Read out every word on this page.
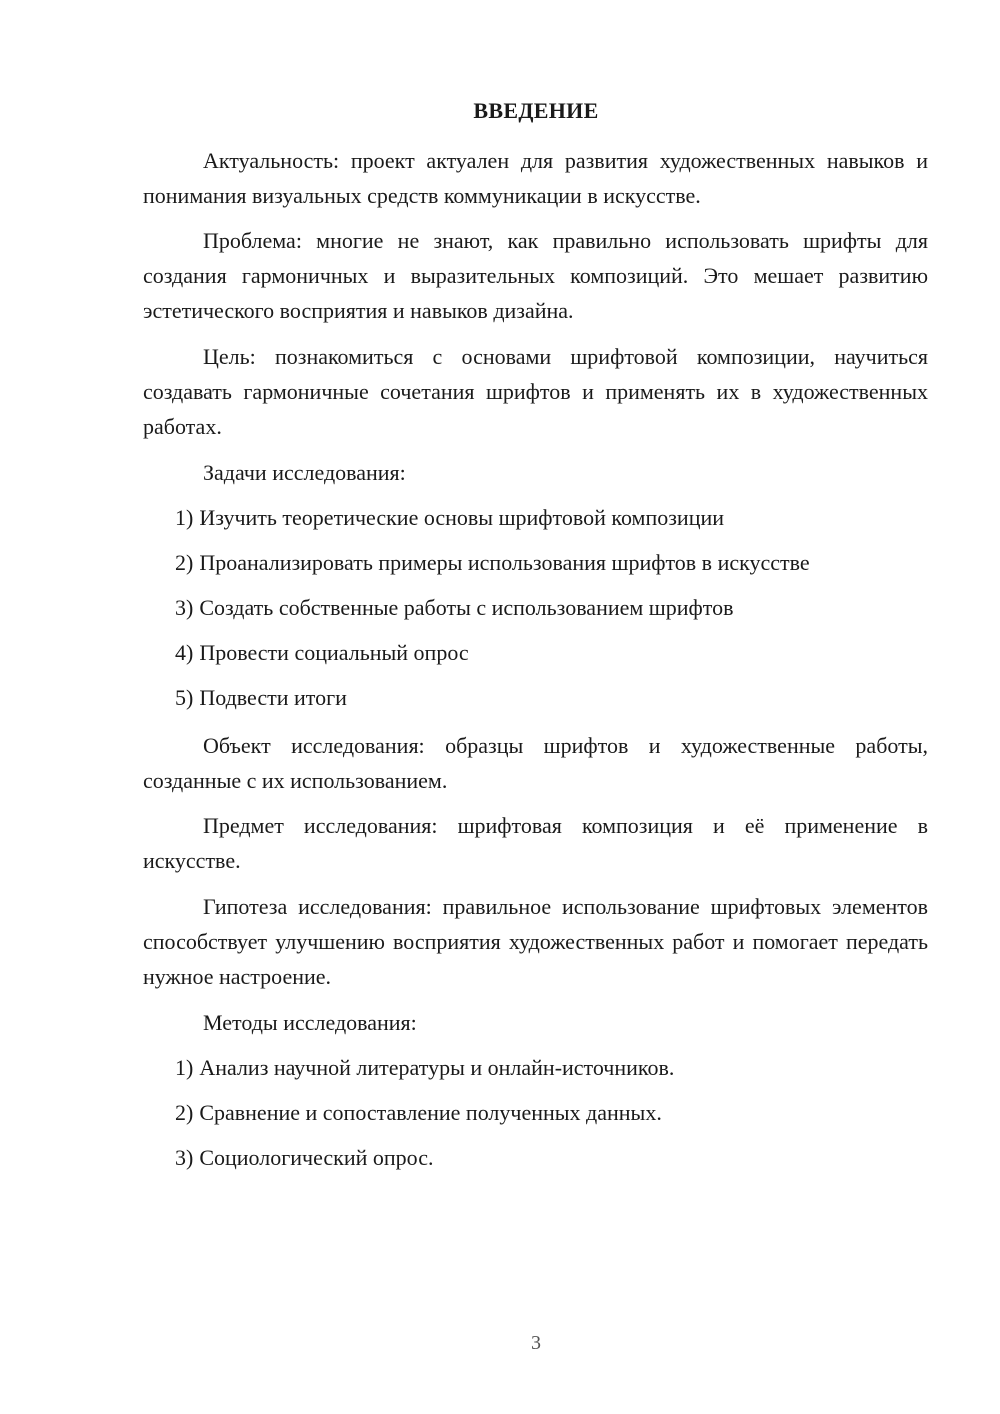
ВВЕДЕНИЕ

Актуальность: проект актуален для развития художественных навыков и понимания визуальных средств коммуникации в искусстве.

Проблема: многие не знают, как правильно использовать шрифты для создания гармоничных и выразительных композиций. Это мешает развитию эстетического восприятия и навыков дизайна.

Цель: познакомиться с основами шрифтовой композиции, научиться создавать гармоничные сочетания шрифтов и применять их в художественных работах.

Задачи исследования:

1) Изучить теоретические основы шрифтовой композиции

2) Проанализировать примеры использования шрифтов в искусстве

3) Создать собственные работы с использованием шрифтов

4) Провести социальный опрос

5) Подвести итоги

Объект исследования: образцы шрифтов и художественные работы, созданные с их использованием.

Предмет исследования: шрифтовая композиция и её применение в искусстве.

Гипотеза исследования: правильное использование шрифтовых элементов способствует улучшению восприятия художественных работ и помогает передать нужное настроение.

Методы исследования:

1) Анализ научной литературы и онлайн-источников.

2) Сравнение и сопоставление полученных данных.

3) Социологический опрос.

3
